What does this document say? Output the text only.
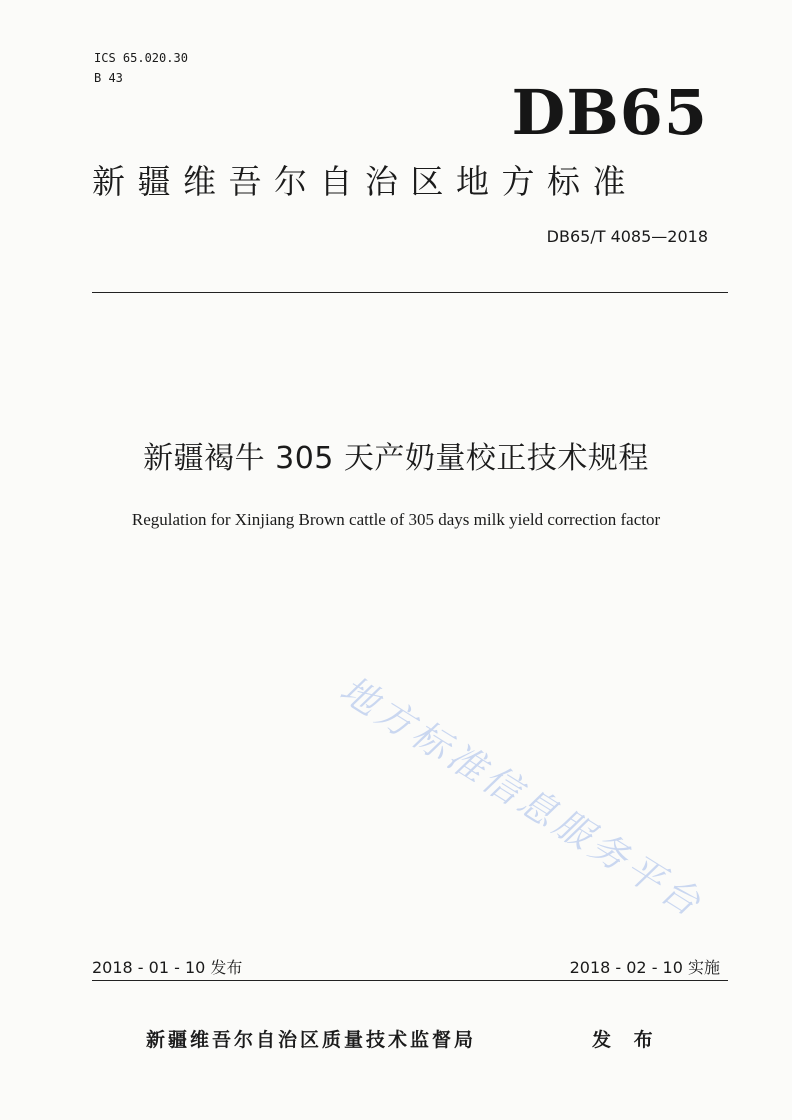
ICS 65.020.30
B 43	DB65
新疆维吾尔自治区地方标准
DB65/T 4085—2018
新疆褐牛 305 天产奶量校正技术规程
Regulation for Xinjiang Brown cattle of 305 days milk yield correction factor
地方标准信息服务平台
2018 - 01 - 10 发布	2018 - 02 - 10 实施
新疆维吾尔自治区质量技术监督局	发 布
